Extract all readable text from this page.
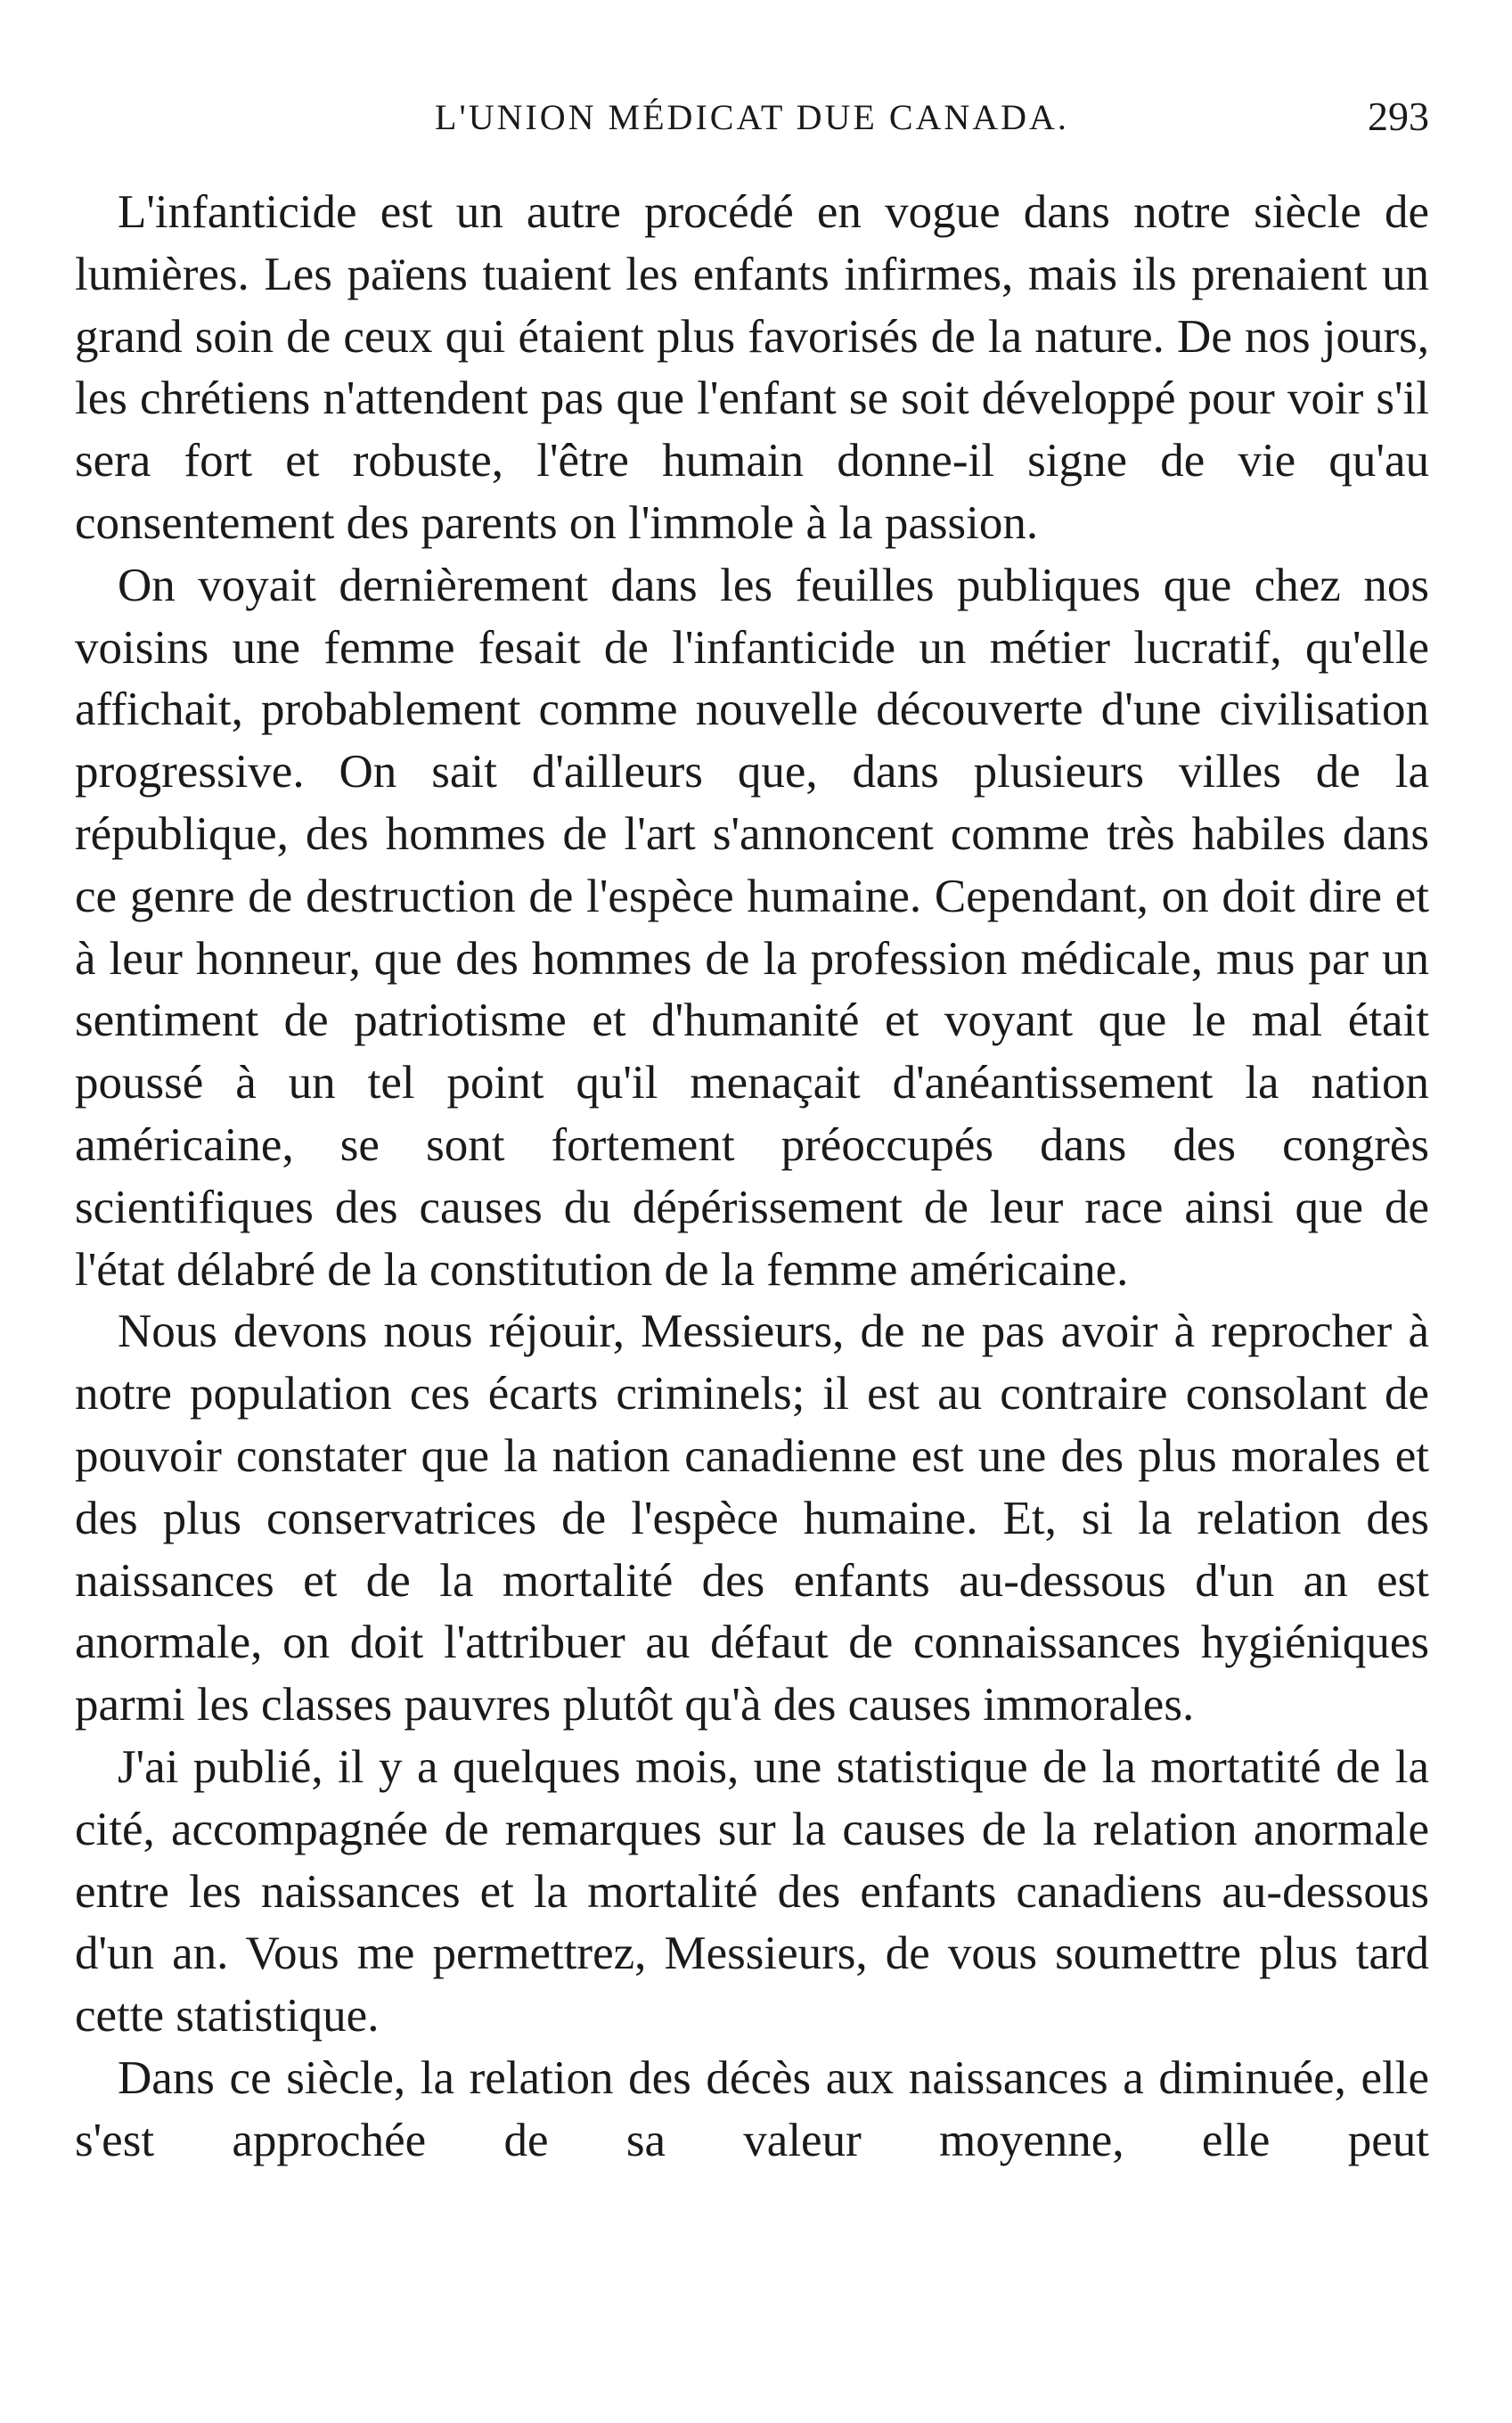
L'UNION MÉDICAT DUE CANADA.	293

L'infanticide est un autre procédé en vogue dans notre siècle de lumières. Les païens tuaient les enfants infirmes, mais ils prenaient un grand soin de ceux qui étaient plus favorisés de la nature. De nos jours, les chrétiens n'attendent pas que l'enfant se soit développé pour voir s'il sera fort et robuste, l'être humain donne-il signe de vie qu'au consentement des parents on l'immole à la passion.

On voyait dernièrement dans les feuilles publiques que chez nos voisins une femme fesait de l'infanticide un métier lucratif, qu'elle affichait, probablement comme nouvelle découverte d'une civilisation progressive. On sait d'ailleurs que, dans plusieurs villes de la république, des hommes de l'art s'annoncent comme très habiles dans ce genre de destruction de l'espèce humaine. Cependant, on doit dire et à leur honneur, que des hommes de la profession médicale, mus par un sentiment de patriotisme et d'humanité et voyant que le mal était poussé à un tel point qu'il menaçait d'anéantissement la nation américaine, se sont fortement préoccupés dans des congrès scientifiques des causes du dépérissement de leur race ainsi que de l'état délabré de la constitution de la femme américaine.

Nous devons nous réjouir, Messieurs, de ne pas avoir à reprocher à notre population ces écarts criminels; il est au contraire consolant de pouvoir constater que la nation canadienne est une des plus morales et des plus conservatrices de l'espèce humaine. Et, si la relation des naissances et de la mortalité des enfants au-dessous d'un an est anormale, on doit l'attribuer au défaut de connaissances hygiéniques parmi les classes pauvres plutôt qu'à des causes immorales.

J'ai publié, il y a quelques mois, une statistique de la mortatité de la cité, accompagnée de remarques sur la causes de la relation anormale entre les naissances et la mortalité des enfants canadiens au-dessous d'un an. Vous me permettrez, Messieurs, de vous soumettre plus tard cette statistique.

Dans ce siècle, la relation des décès aux naissances a diminuée, elle s'est approchée de sa valeur moyenne, elle peut
